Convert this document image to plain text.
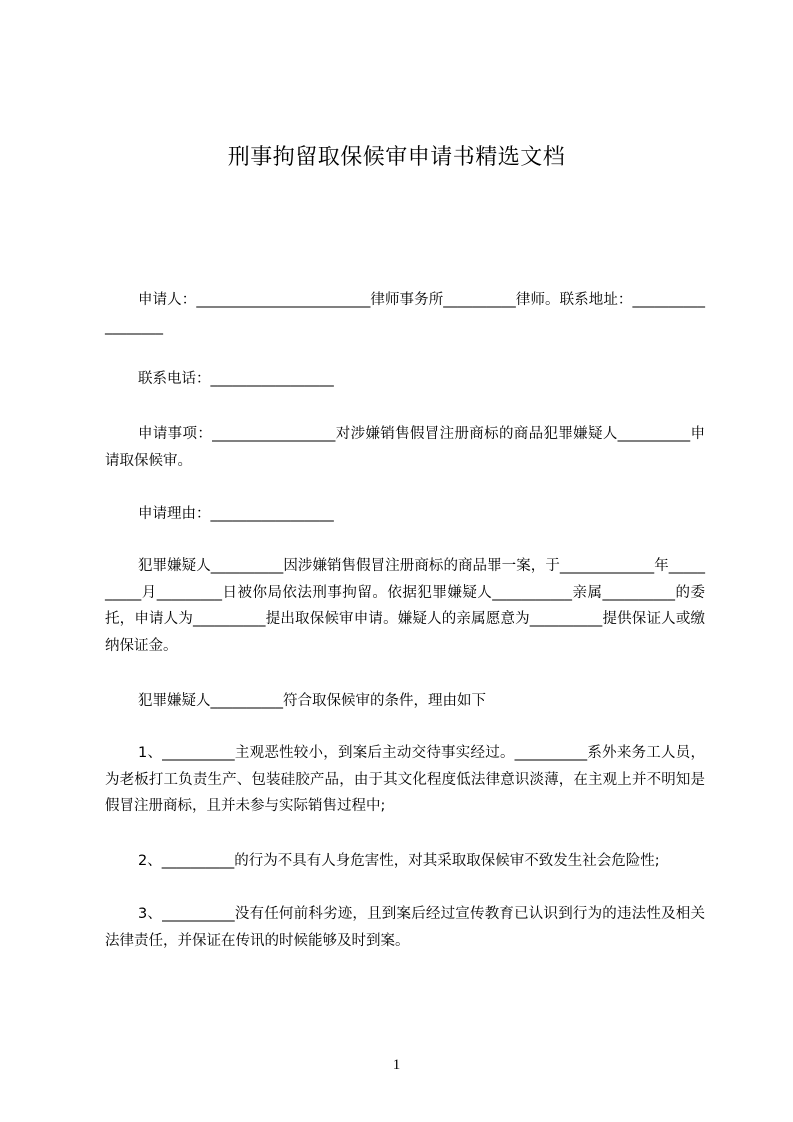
刑事拘留取保候审申请书精选文档

申请人：________________________律师事务所__________律师。联系地址：__________________

联系电话：_________________

申请事项：_________________对涉嫌销售假冒注册商标的商品犯罪嫌疑人__________申请取保候审。

申请理由：_________________

犯罪嫌疑人__________因涉嫌销售假冒注册商标的商品罪一案，于_____________年__________月_________日被你局依法刑事拘留。依据犯罪嫌疑人___________亲属__________的委托，申请人为__________提出取保候审申请。嫌疑人的亲属愿意为__________提供保证人或缴纳保证金。

犯罪嫌疑人__________符合取保候审的条件，理由如下

1、__________主观恶性较小，到案后主动交待事实经过。__________系外来务工人员，为老板打工负责生产、包装硅胶产品，由于其文化程度低法律意识淡薄，在主观上并不明知是假冒注册商标，且并未参与实际销售过程中;

2、__________的行为不具有人身危害性，对其采取取保候审不致发生社会危险性;

3、__________没有任何前科劣迹，且到案后经过宣传教育已认识到行为的违法性及相关法律责任，并保证在传讯的时候能够及时到案。

1
